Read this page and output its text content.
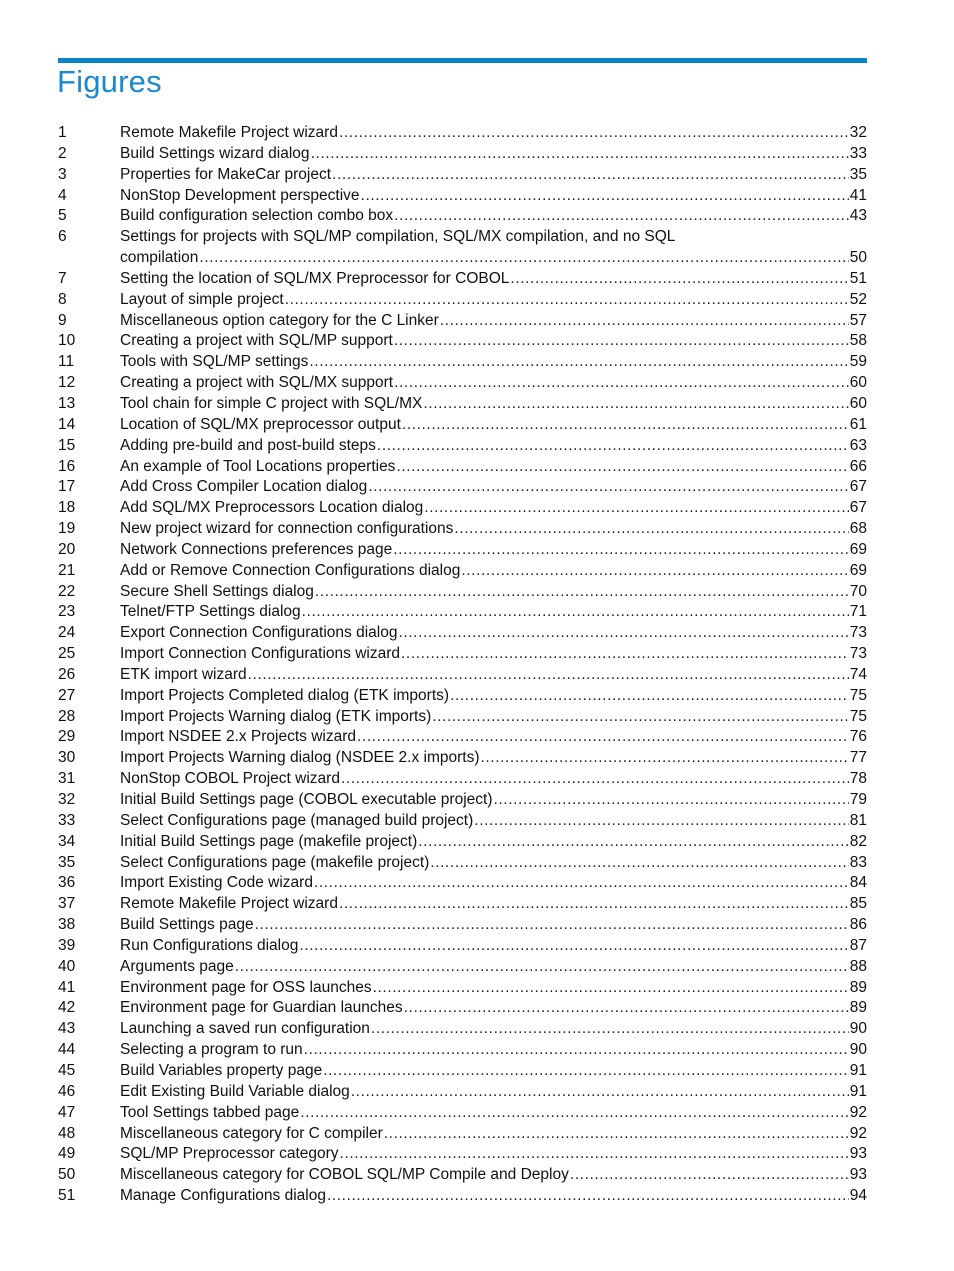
Figures
1	Remote Makefile Project wizard .....	32
2	Build Settings wizard dialog .....	33
3	Properties for MakeCar project .....	35
4	NonStop Development perspective .....	41
5	Build configuration selection combo box .....	43
6	Settings for projects with SQL/MP compilation, SQL/MX compilation, and no SQL
compilation .....	50
7	Setting the location of SQL/MX Preprocessor for COBOL .....	51
8	Layout of simple project .....	52
9	Miscellaneous option category for the C Linker .....	57
10	Creating a project with SQL/MP support .....	58
11	Tools with SQL/MP settings .....	59
12	Creating a project with SQL/MX support .....	60
13	Tool chain for simple C project with SQL/MX .....	60
14	Location of SQL/MX preprocessor output .....	61
15	Adding pre-build and post-build steps .....	63
16	An example of Tool Locations properties .....	66
17	Add Cross Compiler Location dialog .....	67
18	Add SQL/MX Preprocessors Location dialog .....	67
19	New project wizard for connection configurations .....	68
20	Network Connections preferences page .....	69
21	Add or Remove Connection Configurations dialog .....	69
22	Secure Shell Settings dialog .....	70
23	Telnet/FTP Settings dialog .....	71
24	Export Connection Configurations dialog .....	73
25	Import Connection Configurations wizard .....	73
26	ETK import wizard .....	74
27	Import Projects Completed dialog (ETK imports) .....	75
28	Import Projects Warning dialog (ETK imports) .....	75
29	Import NSDEE 2.x Projects wizard .....	76
30	Import Projects Warning dialog (NSDEE 2.x imports) .....	77
31	NonStop COBOL Project wizard .....	78
32	Initial Build Settings page (COBOL executable project) .....	79
33	Select Configurations page (managed build project) .....	81
34	Initial Build Settings page (makefile project) .....	82
35	Select Configurations page (makefile project) .....	83
36	Import Existing Code wizard .....	84
37	Remote Makefile Project wizard .....	85
38	Build Settings page .....	86
39	Run Configurations dialog .....	87
40	Arguments page .....	88
41	Environment page for OSS launches .....	89
42	Environment page for Guardian launches .....	89
43	Launching a saved run configuration .....	90
44	Selecting a program to run .....	90
45	Build Variables property page .....	91
46	Edit Existing Build Variable dialog .....	91
47	Tool Settings tabbed page .....	92
48	Miscellaneous category for C compiler .....	92
49	SQL/MP Preprocessor category .....	93
50	Miscellaneous category for COBOL SQL/MP Compile and Deploy .....	93
51	Manage Configurations dialog .....	94
